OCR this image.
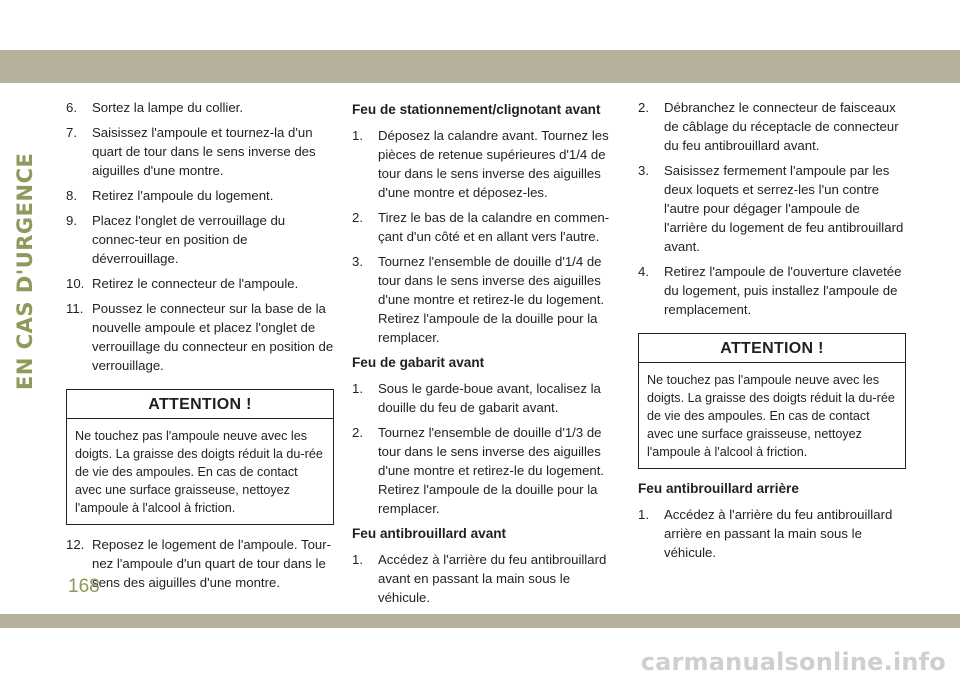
EN CAS D'URGENCE
6.	Sortez la lampe du collier.
7.	Saisissez l'ampoule et tournez-la d'un quart de tour dans le sens inverse des aiguilles d'une montre.
8.	Retirez l'ampoule du logement.
9.	Placez l'onglet de verrouillage du connec-teur en position de déverrouillage.
10. Retirez le connecteur de l'ampoule.
11. Poussez le connecteur sur la base de la nouvelle ampoule et placez l'onglet de verrouillage du connecteur en position de verrouillage.
ATTENTION !
Ne touchez pas l'ampoule neuve avec les doigts. La graisse des doigts réduit la du-rée de vie des ampoules. En cas de contact avec une surface graisseuse, nettoyez l'ampoule à l'alcool à friction.
12. Reposez le logement de l'ampoule. Tour-nez l'ampoule d'un quart de tour dans le sens des aiguilles d'une montre.
Feu de stationnement/clignotant avant
1.	Déposez la calandre avant. Tournez les pièces de retenue supérieures d'1/4 de tour dans le sens inverse des aiguilles d'une montre et déposez-les.
2.	Tirez le bas de la calandre en commen-çant d'un côté et en allant vers l'autre.
3.	Tournez l'ensemble de douille d'1/4 de tour dans le sens inverse des aiguilles d'une montre et retirez-le du logement. Retirez l'ampoule de la douille pour la remplacer.
Feu de gabarit avant
1.	Sous le garde-boue avant, localisez la douille du feu de gabarit avant.
2.	Tournez l'ensemble de douille d'1/3 de tour dans le sens inverse des aiguilles d'une montre et retirez-le du logement. Retirez l'ampoule de la douille pour la remplacer.
Feu antibrouillard avant
1.	Accédez à l'arrière du feu antibrouillard avant en passant la main sous le véhicule.
2.	Débranchez le connecteur de faisceaux de câblage du réceptacle de connecteur du feu antibrouillard avant.
3.	Saisissez fermement l'ampoule par les deux loquets et serrez-les l'un contre l'autre pour dégager l'ampoule de l'arrière du logement de feu antibrouillard avant.
4.	Retirez l'ampoule de l'ouverture clavetée du logement, puis installez l'ampoule de remplacement.
ATTENTION !
Ne touchez pas l'ampoule neuve avec les doigts. La graisse des doigts réduit la du-rée de vie des ampoules. En cas de contact avec une surface graisseuse, nettoyez l'ampoule à l'alcool à friction.
Feu antibrouillard arrière
1.	Accédez à l'arrière du feu antibrouillard arrière en passant la main sous le véhicule.
168
carmanualsonline.info
